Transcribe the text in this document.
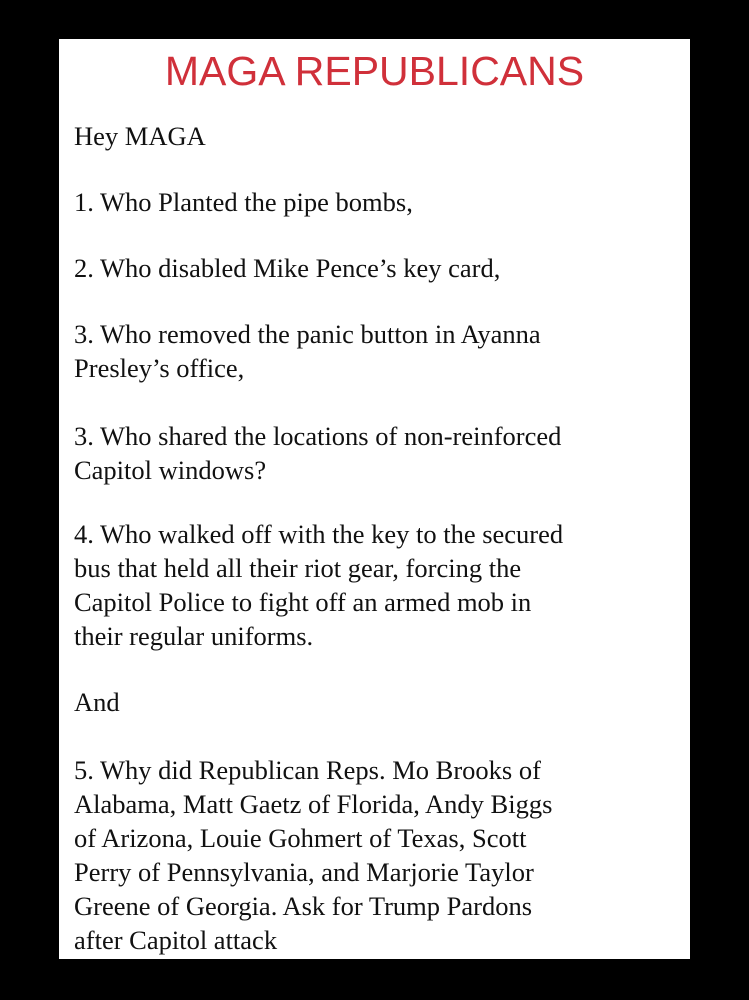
MAGA REPUBLICANS

Hey MAGA

1. Who Planted the pipe bombs,

2. Who disabled Mike Pence’s key card,

3. Who removed the panic button in Ayanna
Presley’s office,

3. Who shared the locations of non-reinforced
Capitol windows?

4. Who walked off with the key to the secured
bus that held all their riot gear, forcing the
Capitol Police to fight off an armed mob in
their regular uniforms.

And

5. Why did Republican Reps. Mo Brooks of
Alabama, Matt Gaetz of Florida, Andy Biggs
of Arizona, Louie Gohmert of Texas, Scott
Perry of Pennsylvania, and Marjorie Taylor
Greene of Georgia. Ask for Trump Pardons
after Capitol attack
